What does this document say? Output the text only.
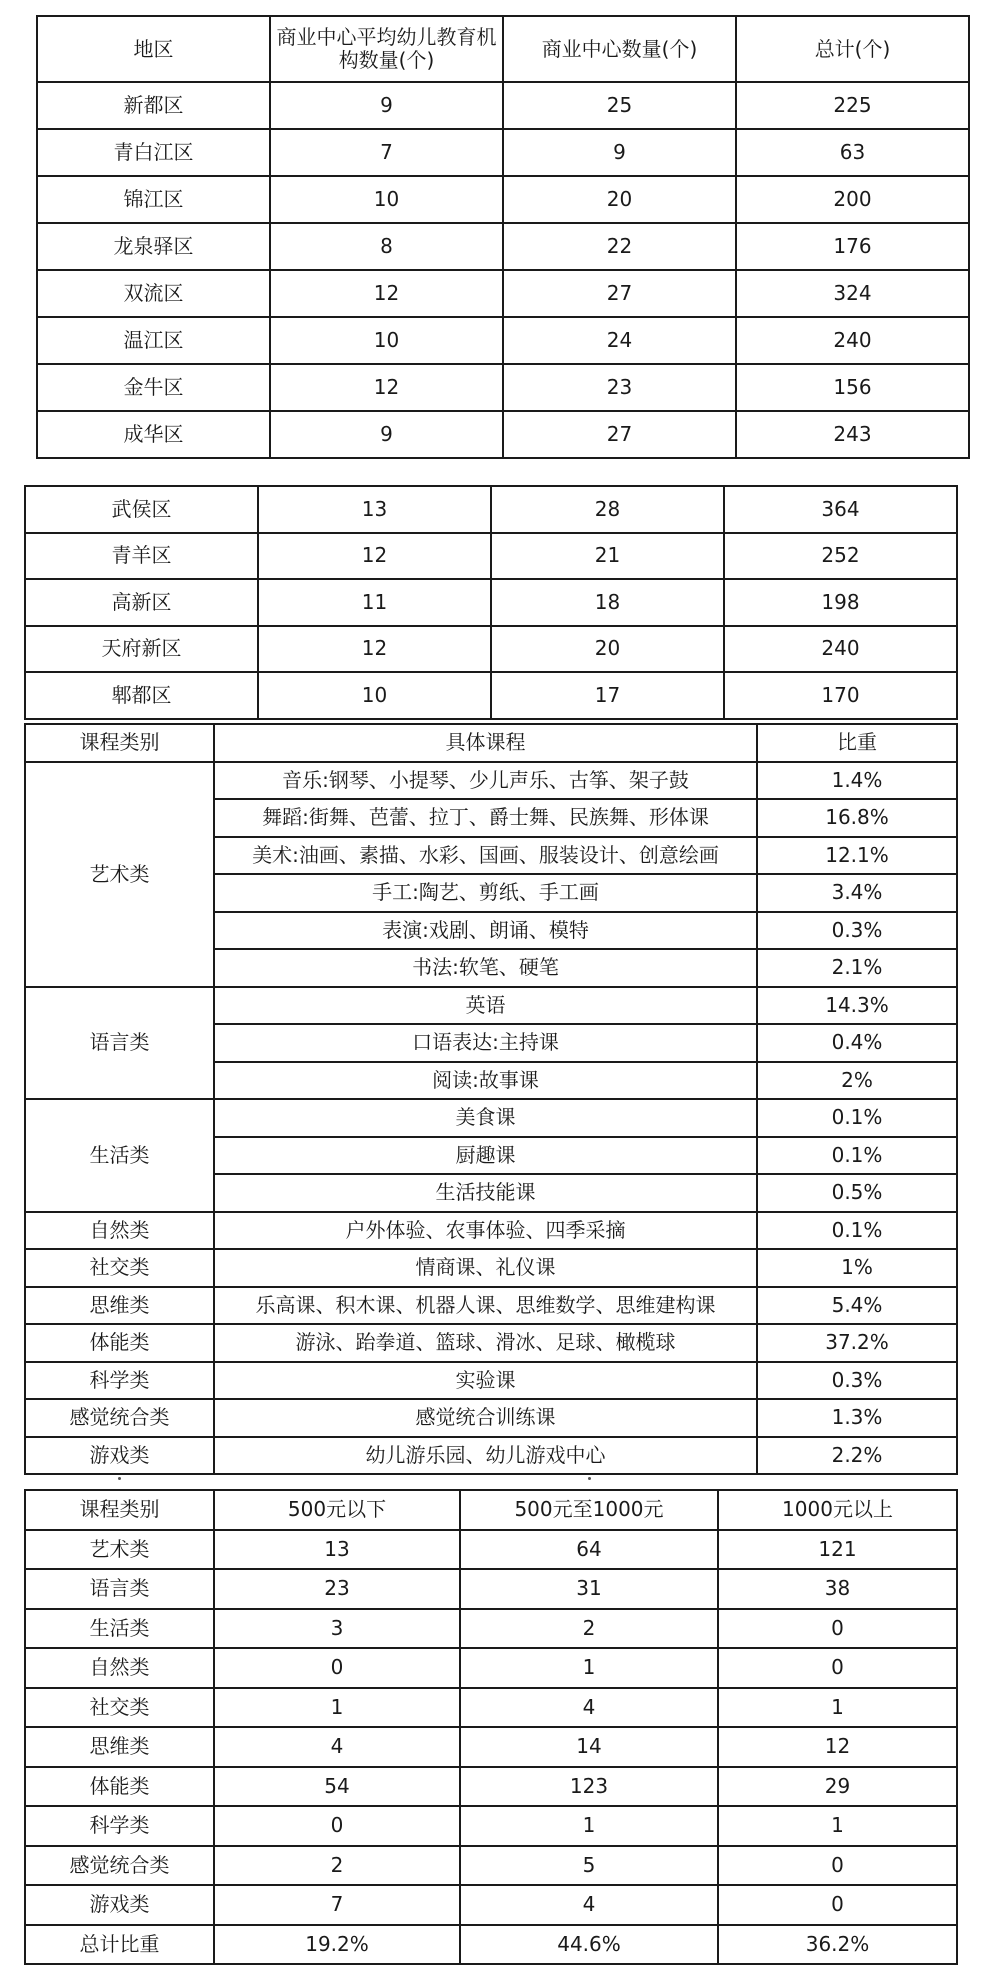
地区	商业中心平均幼儿教育机构数量(个)	商业中心数量(个)	总计(个)
新都区	9	25	225
青白江区	7	9	63
锦江区	10	20	200
龙泉驿区	8	22	176
双流区	12	27	324
温江区	10	24	240
金牛区	12	23	156
成华区	9	27	243
武侯区	13	28	364
青羊区	12	21	252
高新区	11	18	198
天府新区	12	20	240
郫都区	10	17	170
课程类别	具体课程	比重
艺术类	音乐:钢琴、小提琴、少儿声乐、古筝、架子鼓	1.4%
	舞蹈:街舞、芭蕾、拉丁、爵士舞、民族舞、形体课	16.8%
	美术:油画、素描、水彩、国画、服装设计、创意绘画	12.1%
	手工:陶艺、剪纸、手工画	3.4%
	表演:戏剧、朗诵、模特	0.3%
	书法:软笔、硬笔	2.1%
语言类	英语	14.3%
	口语表达:主持课	0.4%
	阅读:故事课	2%
生活类	美食课	0.1%
	厨趣课	0.1%
	生活技能课	0.5%
自然类	户外体验、农事体验、四季采摘	0.1%
社交类	情商课、礼仪课	1%
思维类	乐高课、积木课、机器人课、思维数学、思维建构课	5.4%
体能类	游泳、跆拳道、篮球、滑冰、足球、橄榄球	37.2%
科学类	实验课	0.3%
感觉统合类	感觉统合训练课	1.3%
游戏类	幼儿游乐园、幼儿游戏中心	2.2%
课程类别	500元以下	500元至1000元	1000元以上
艺术类	13	64	121
语言类	23	31	38
生活类	3	2	0
自然类	0	1	0
社交类	1	4	1
思维类	4	14	12
体能类	54	123	29
科学类	0	1	1
感觉统合类	2	5	0
游戏类	7	4	0
总计比重	19.2%	44.6%	36.2%
